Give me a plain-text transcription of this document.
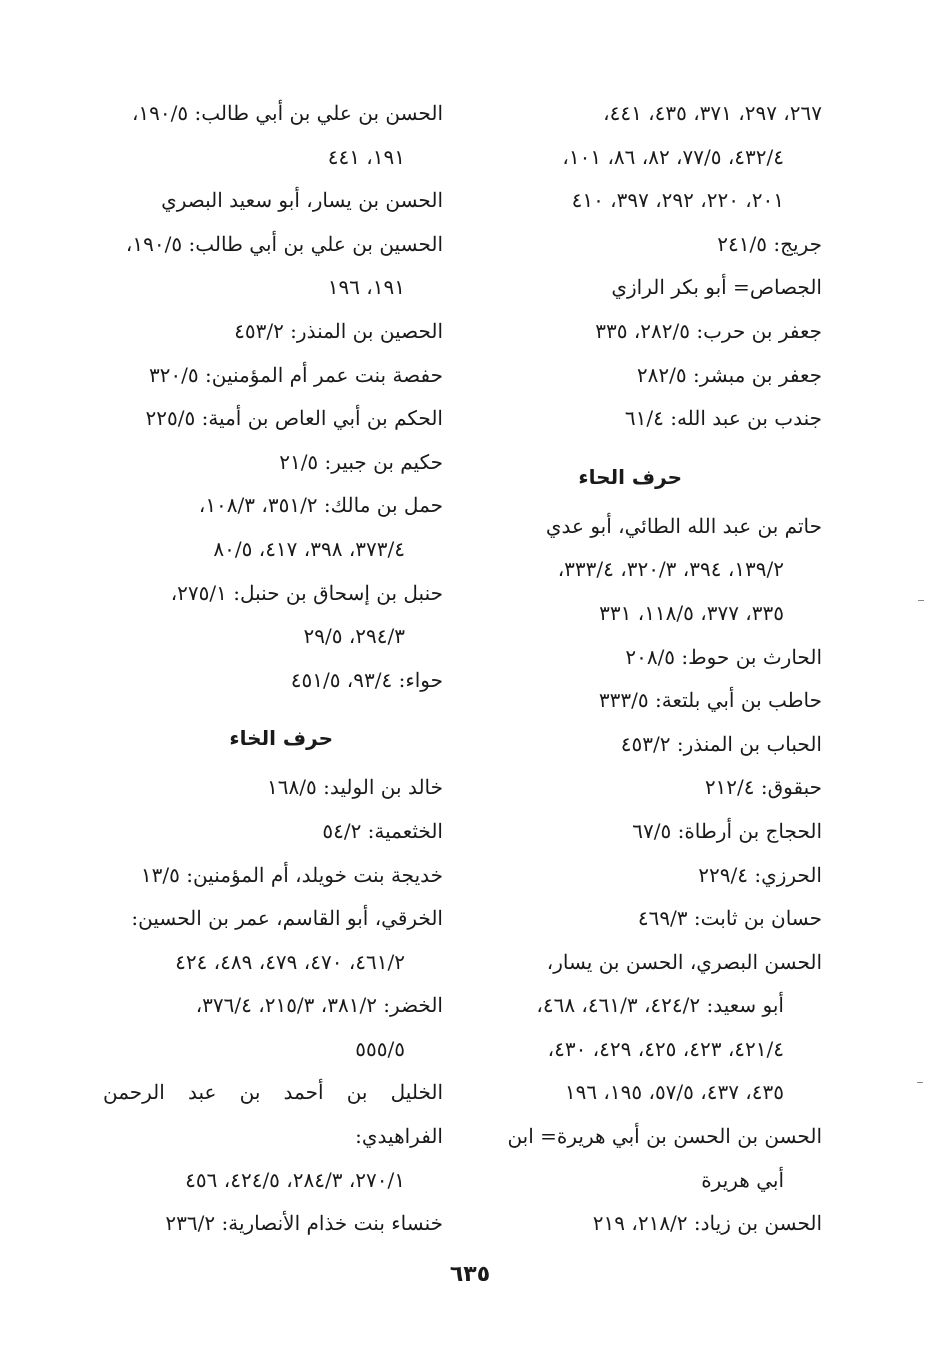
٢٦٧، ٢٩٧، ٣٧١، ٤٣٥، ٤٤١،
٤٣٢/٤، ٧٧/٥، ٨٢، ٨٦، ١٠١،
٢٠١، ٢٢٠، ٢٩٢، ٣٩٧، ٤١٠
جريج: ٢٤١/٥
الجصاص= أبو بكر الرازي
جعفر بن حرب: ٢٨٢/٥، ٣٣٥
جعفر بن مبشر: ٢٨٢/٥
جندب بن عبد الله: ٦١/٤
حرف الحاء
حاتم بن عبد الله الطائي، أبو عدي
١٣٩/٢، ٣٩٤، ٣٢٠/٣، ٣٣٣/٤،
٣٣٥، ٣٧٧، ١١٨/٥، ٣٣١
الحارث بن حوط: ٢٠٨/٥
حاطب بن أبي بلتعة: ٣٣٣/٥
الحباب بن المنذر: ٤٥٣/٢
حبقوق: ٢١٢/٤
الحجاج بن أرطاة: ٦٧/٥
الحرزي: ٢٢٩/٤
حسان بن ثابت: ٤٦٩/٣
الحسن البصري، الحسن بن يسار،
أبو سعيد: ٤٢٤/٢، ٤٦١/٣، ٤٦٨،
٤٢١/٤، ٤٢٣، ٤٢٥، ٤٢٩، ٤٣٠،
٤٣٥، ٤٣٧، ٥٧/٥، ١٩٥، ١٩٦
الحسن بن الحسن بن أبي هريرة= ابن
أبي هريرة
الحسن بن زياد: ٢١٨/٢، ٢١٩
الحسن بن علي بن أبي طالب: ١٩٠/٥،
١٩١، ٤٤١
الحسن بن يسار، أبو سعيد البصري
الحسين بن علي بن أبي طالب: ١٩٠/٥،
١٩١، ١٩٦
الحصين بن المنذر: ٤٥٣/٢
حفصة بنت عمر أم المؤمنين: ٣٢٠/٥
الحكم بن أبي العاص بن أمية: ٢٢٥/٥
حكيم بن جبير: ٢١/٥
حمل بن مالك: ٣٥١/٢، ١٠٨/٣،
٣٧٣/٤، ٣٩٨، ٤١٧، ٨٠/٥
حنبل بن إسحاق بن حنبل: ٢٧٥/١،
٢٩٤/٣، ٢٩/٥
حواء: ٩٣/٤، ٤٥١/٥
حرف الخاء
خالد بن الوليد: ١٦٨/٥
الخثعمية: ٥٤/٢
خديجة بنت خويلد، أم المؤمنين: ١٣/٥
الخرقي، أبو القاسم، عمر بن الحسين:
٤٦١/٢، ٤٧٠، ٤٧٩، ٤٨٩، ٤٢٤
الخضر: ٣٨١/٢، ٢١٥/٣، ٣٧٦/٤،
٥٥٥/٥
الخليل بن أحمد بن عبد الرحمن الفراهيدي:
٢٧٠/١، ٢٨٤/٣، ٤٢٤/٥، ٤٥٦
خنساء بنت خذام الأنصارية: ٢٣٦/٢
٦٣٥
